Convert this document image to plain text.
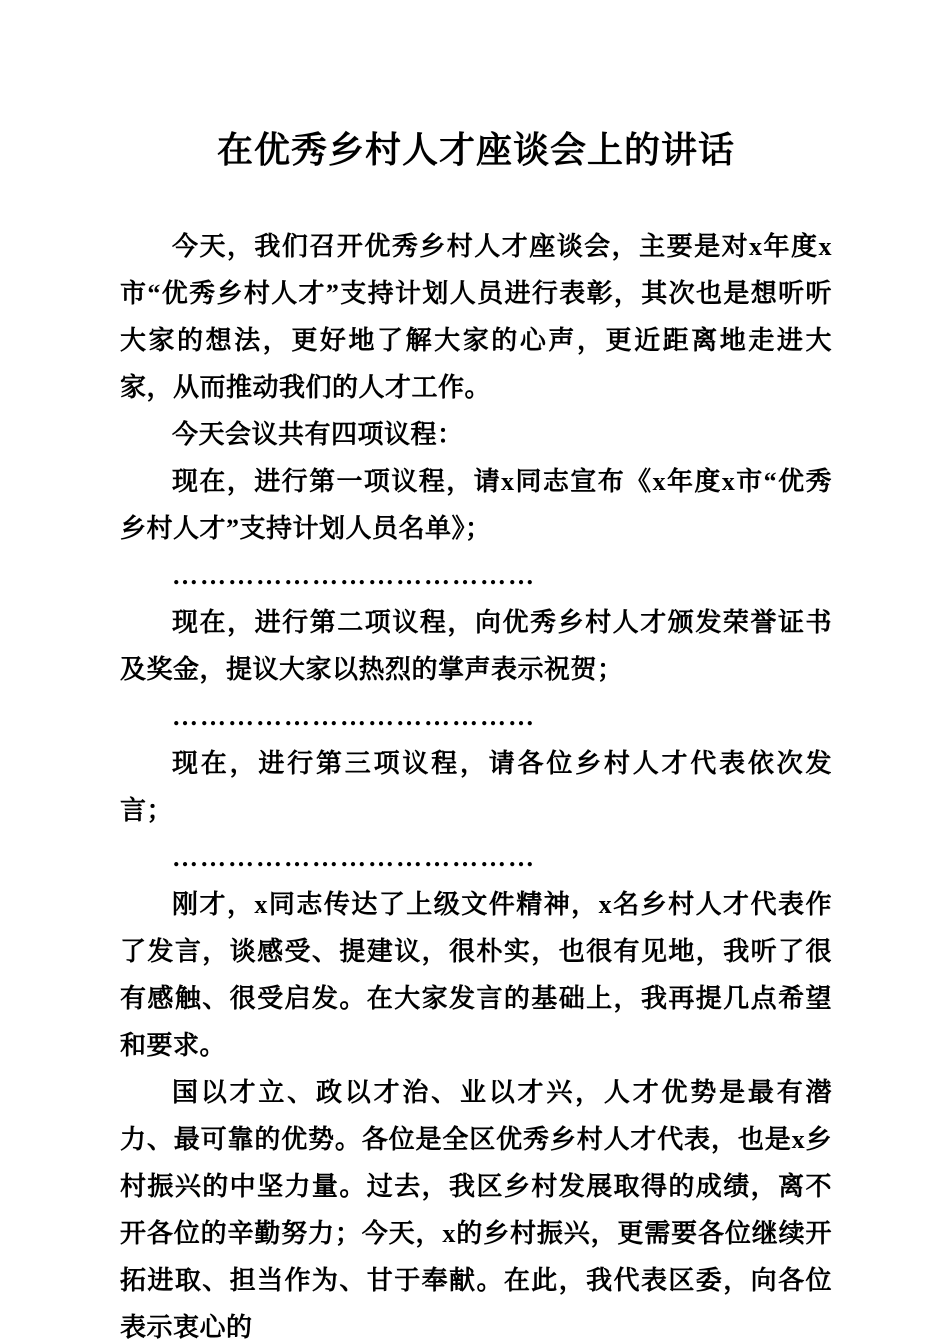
在优秀乡村人才座谈会上的讲话

今天，我们召开优秀乡村人才座谈会，主要是对x年度x市“优秀乡村人才”支持计划人员进行表彰，其次也是想听听大家的想法，更好地了解大家的心声，更近距离地走进大家，从而推动我们的人才工作。

今天会议共有四项议程：

现在，进行第一项议程，请x同志宣布《x年度x市“优秀乡村人才”支持计划人员名单》；

…………………………………

现在，进行第二项议程，向优秀乡村人才颁发荣誉证书及奖金，提议大家以热烈的掌声表示祝贺；

…………………………………

现在，进行第三项议程，请各位乡村人才代表依次发言；

…………………………………

刚才，x同志传达了上级文件精神，x名乡村人才代表作了发言，谈感受、提建议，很朴实，也很有见地，我听了很有感触、很受启发。在大家发言的基础上，我再提几点希望和要求。

国以才立、政以才治、业以才兴，人才优势是最有潜力、最可靠的优势。各位是全区优秀乡村人才代表，也是x乡村振兴的中坚力量。过去，我区乡村发展取得的成绩，离不开各位的辛勤努力；今天，x的乡村振兴，更需要各位继续开拓进取、担当作为、甘于奉献。在此，我代表区委，向各位表示衷心的
